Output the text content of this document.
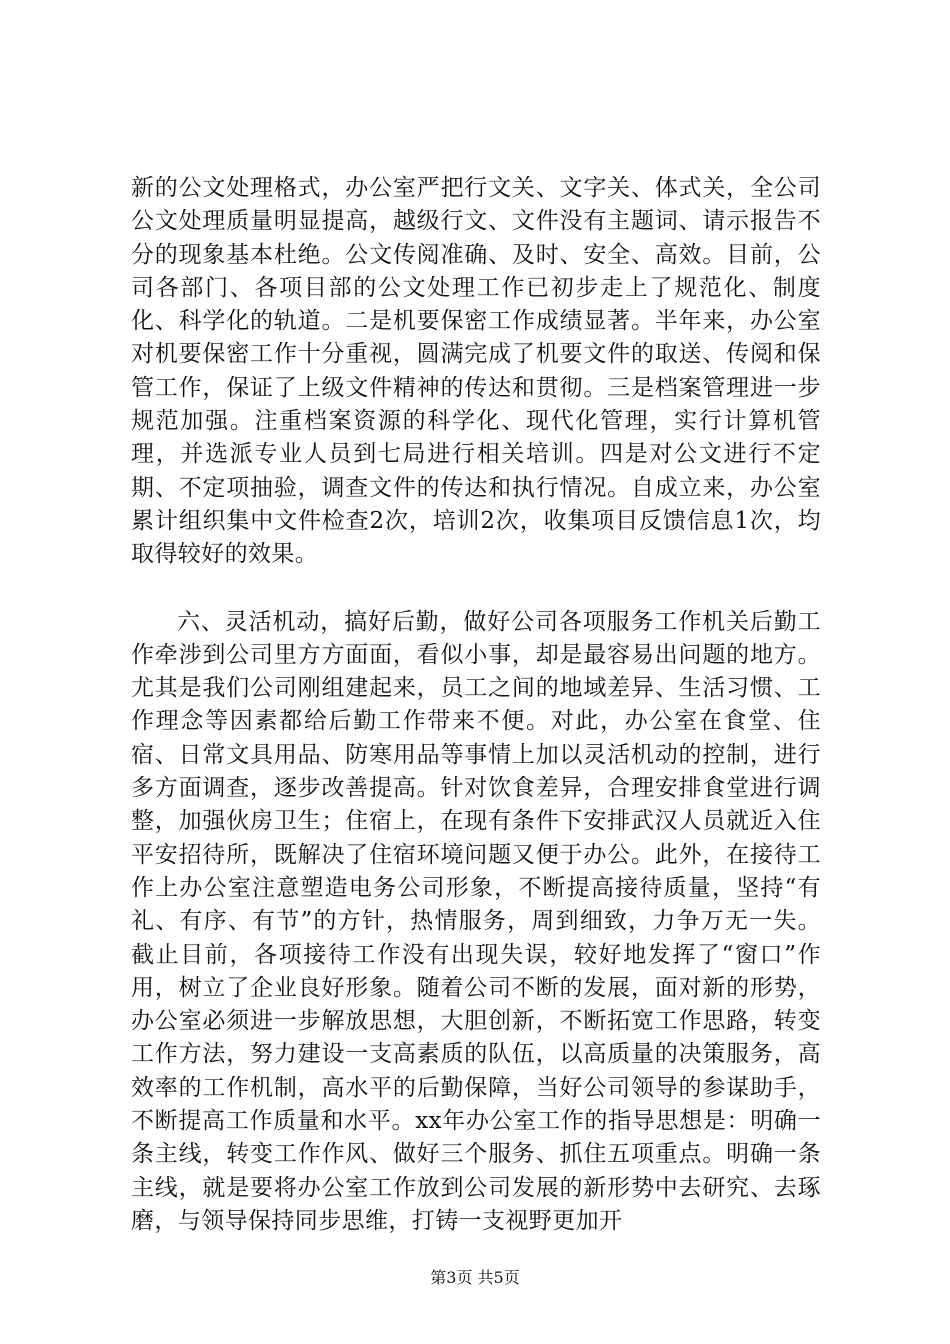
新的公文处理格式，办公室严把行文关、文字关、体式关，全公司公文处理质量明显提高，越级行文、文件没有主题词、请示报告不分的现象基本杜绝。公文传阅准确、及时、安全、高效。目前，公司各部门、各项目部的公文处理工作已初步走上了规范化、制度化、科学化的轨道。二是机要保密工作成绩显著。半年来，办公室对机要保密工作十分重视，圆满完成了机要文件的取送、传阅和保管工作，保证了上级文件精神的传达和贯彻。三是档案管理进一步规范加强。注重档案资源的科学化、现代化管理，实行计算机管理，并选派专业人员到七局进行相关培训。四是对公文进行不定期、不定项抽验，调查文件的传达和执行情况。自成立来，办公室累计组织集中文件检查2次，培训2次，收集项目反馈信息1次，均取得较好的效果。

六、灵活机动，搞好后勤，做好公司各项服务工作机关后勤工作牵涉到公司里方方面面，看似小事，却是最容易出问题的地方。尤其是我们公司刚组建起来，员工之间的地域差异、生活习惯、工作理念等因素都给后勤工作带来不便。对此，办公室在食堂、住宿、日常文具用品、防寒用品等事情上加以灵活机动的控制，进行多方面调查，逐步改善提高。针对饮食差异，合理安排食堂进行调整，加强伙房卫生；住宿上，在现有条件下安排武汉人员就近入住平安招待所，既解决了住宿环境问题又便于办公。此外，在接待工作上办公室注意塑造电务公司形象，不断提高接待质量，坚持“有礼、有序、有节”的方针，热情服务，周到细致，力争万无一失。截止目前，各项接待工作没有出现失误，较好地发挥了“窗口”作用，树立了企业良好形象。随着公司不断的发展，面对新的形势，办公室必须进一步解放思想，大胆创新，不断拓宽工作思路，转变工作方法，努力建设一支高素质的队伍，以高质量的决策服务，高效率的工作机制，高水平的后勤保障，当好公司领导的参谋助手，不断提高工作质量和水平。xx年办公室工作的指导思想是：明确一条主线，转变工作作风、做好三个服务、抓住五项重点。明确一条主线，就是要将办公室工作放到公司发展的新形势中去研究、去琢磨，与领导保持同步思维，打铸一支视野更加开

第3页 共5页
